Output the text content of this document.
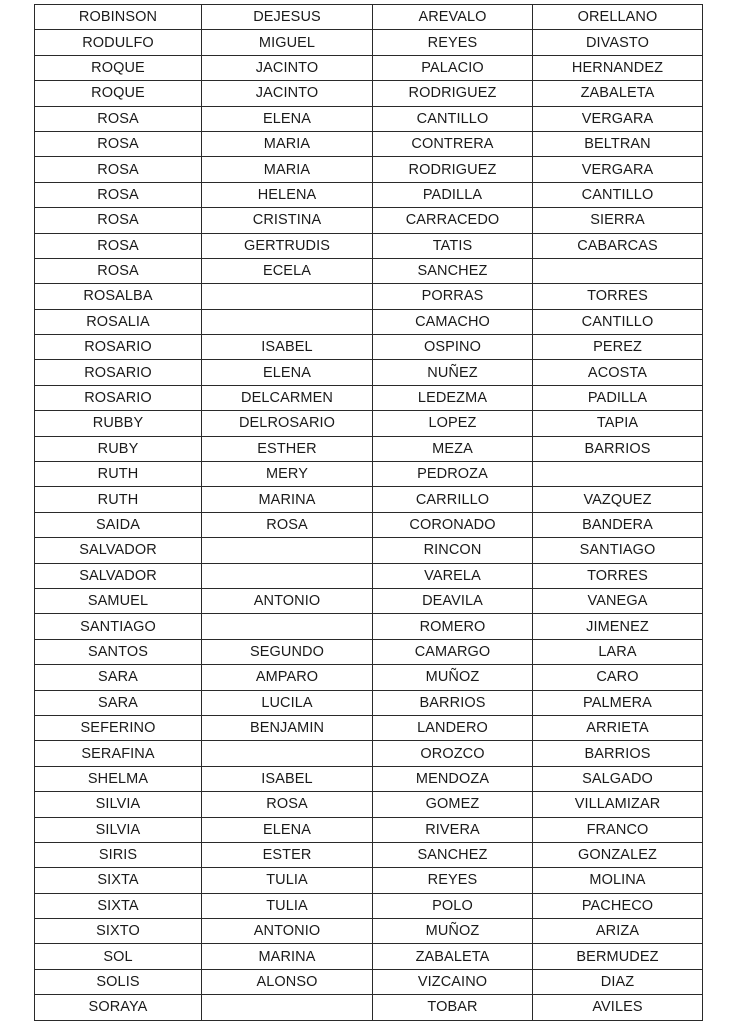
ROBINSON	DEJESUS	AREVALO	ORELLANO
RODULFO	MIGUEL	REYES	DIVASTO
ROQUE	JACINTO	PALACIO	HERNANDEZ
ROQUE	JACINTO	RODRIGUEZ	ZABALETA
ROSA	ELENA	CANTILLO	VERGARA
ROSA	MARIA	CONTRERA	BELTRAN
ROSA	MARIA	RODRIGUEZ	VERGARA
ROSA	HELENA	PADILLA	CANTILLO
ROSA	CRISTINA	CARRACEDO	SIERRA
ROSA	GERTRUDIS	TATIS	CABARCAS
ROSA	ECELA	SANCHEZ	
ROSALBA		PORRAS	TORRES
ROSALIA		CAMACHO	CANTILLO
ROSARIO	ISABEL	OSPINO	PEREZ
ROSARIO	ELENA	NUÑEZ	ACOSTA
ROSARIO	DELCARMEN	LEDEZMA	PADILLA
RUBBY	DELROSARIO	LOPEZ	TAPIA
RUBY	ESTHER	MEZA	BARRIOS
RUTH	MERY	PEDROZA	
RUTH	MARINA	CARRILLO	VAZQUEZ
SAIDA	ROSA	CORONADO	BANDERA
SALVADOR		RINCON	SANTIAGO
SALVADOR		VARELA	TORRES
SAMUEL	ANTONIO	DEAVILA	VANEGA
SANTIAGO		ROMERO	JIMENEZ
SANTOS	SEGUNDO	CAMARGO	LARA
SARA	AMPARO	MUÑOZ	CARO
SARA	LUCILA	BARRIOS	PALMERA
SEFERINO	BENJAMIN	LANDERO	ARRIETA
SERAFINA		OROZCO	BARRIOS
SHELMA	ISABEL	MENDOZA	SALGADO
SILVIA	ROSA	GOMEZ	VILLAMIZAR
SILVIA	ELENA	RIVERA	FRANCO
SIRIS	ESTER	SANCHEZ	GONZALEZ
SIXTA	TULIA	REYES	MOLINA
SIXTA	TULIA	POLO	PACHECO
SIXTO	ANTONIO	MUÑOZ	ARIZA
SOL	MARINA	ZABALETA	BERMUDEZ
SOLIS	ALONSO	VIZCAINO	DIAZ
SORAYA		TOBAR	AVILES
